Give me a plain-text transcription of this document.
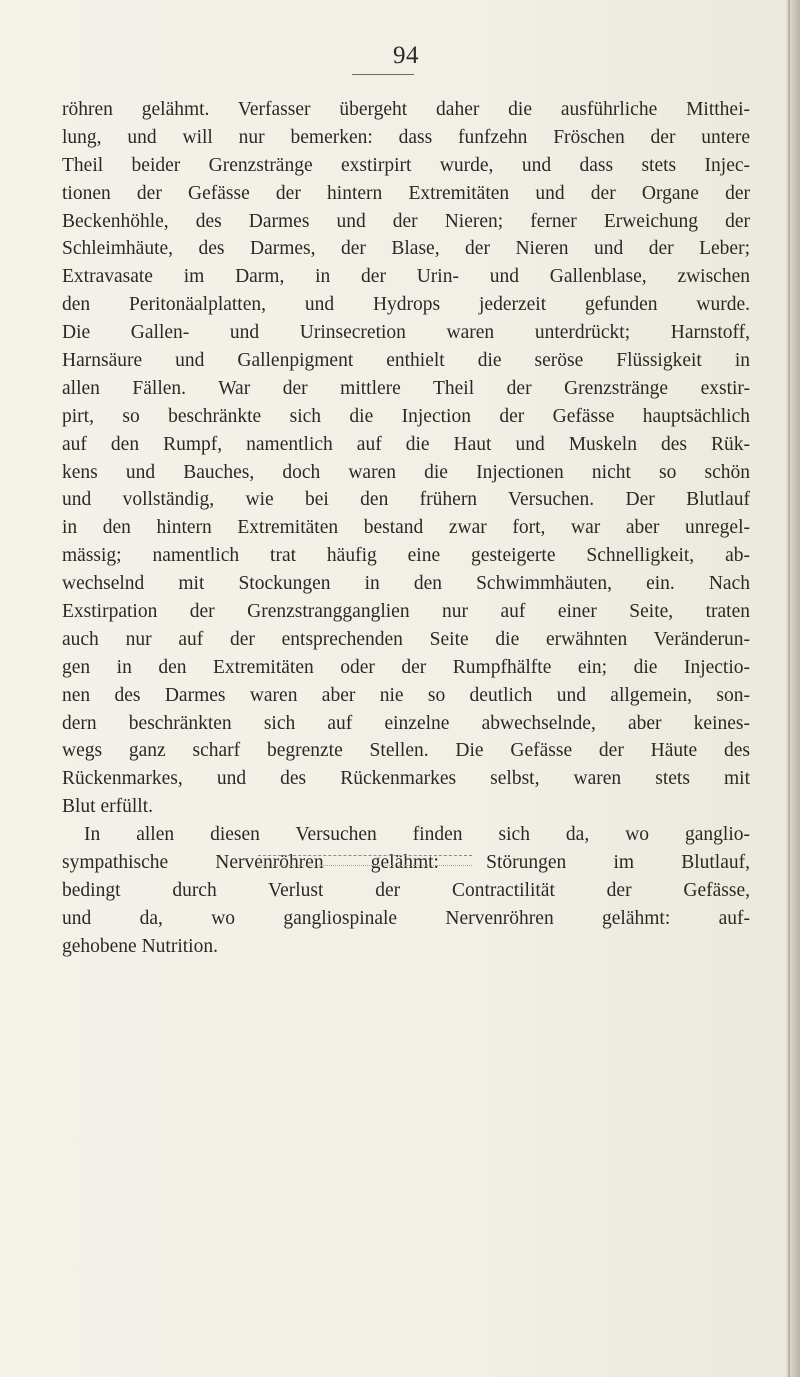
94
röhren gelähmt. Verfasser übergeht daher die ausführliche Mitthei-
lung, und will nur bemerken: dass funfzehn Fröschen der untere
Theil beider Grenzstränge exstirpirt wurde, und dass stets Injec-
tionen der Gefässe der hintern Extremitäten und der Organe der
Beckenhöhle, des Darmes und der Nieren; ferner Erweichung der
Schleimhäute, des Darmes, der Blase, der Nieren und der Leber;
Extravasate im Darm, in der Urin- und Gallenblase, zwischen
den Peritonäalplatten, und Hydrops jederzeit gefunden wurde.
Die Gallen- und Urinsecretion waren unterdrückt; Harnstoff,
Harnsäure und Gallenpigment enthielt die seröse Flüssigkeit in
allen Fällen. War der mittlere Theil der Grenzstränge exstir-
pirt, so beschränkte sich die Injection der Gefässe hauptsächlich
auf den Rumpf, namentlich auf die Haut und Muskeln des Rük-
kens und Bauches, doch waren die Injectionen nicht so schön
und vollständig, wie bei den frühern Versuchen. Der Blutlauf
in den hintern Extremitäten bestand zwar fort, war aber unregel-
mässig; namentlich trat häufig eine gesteigerte Schnelligkeit, ab-
wechselnd mit Stockungen in den Schwimmhäuten, ein. Nach
Exstirpation der Grenzstrangganglien nur auf einer Seite, traten
auch nur auf der entsprechenden Seite die erwähnten Veränderun-
gen in den Extremitäten oder der Rumpfhälfte ein; die Injectio-
nen des Darmes waren aber nie so deutlich und allgemein, son-
dern beschränkten sich auf einzelne abwechselnde, aber keines-
wegs ganz scharf begrenzte Stellen. Die Gefässe der Häute des
Rückenmarkes, und des Rückenmarkes selbst, waren stets mit
Blut erfüllt.
In allen diesen Versuchen finden sich da, wo ganglio-
sympathische Nervenröhren gelähmt: Störungen im Blutlauf,
bedingt durch Verlust der Contractilität der Gefässe,
und da, wo gangliospinale Nervenröhren gelähmt: auf-
gehobene Nutrition.
